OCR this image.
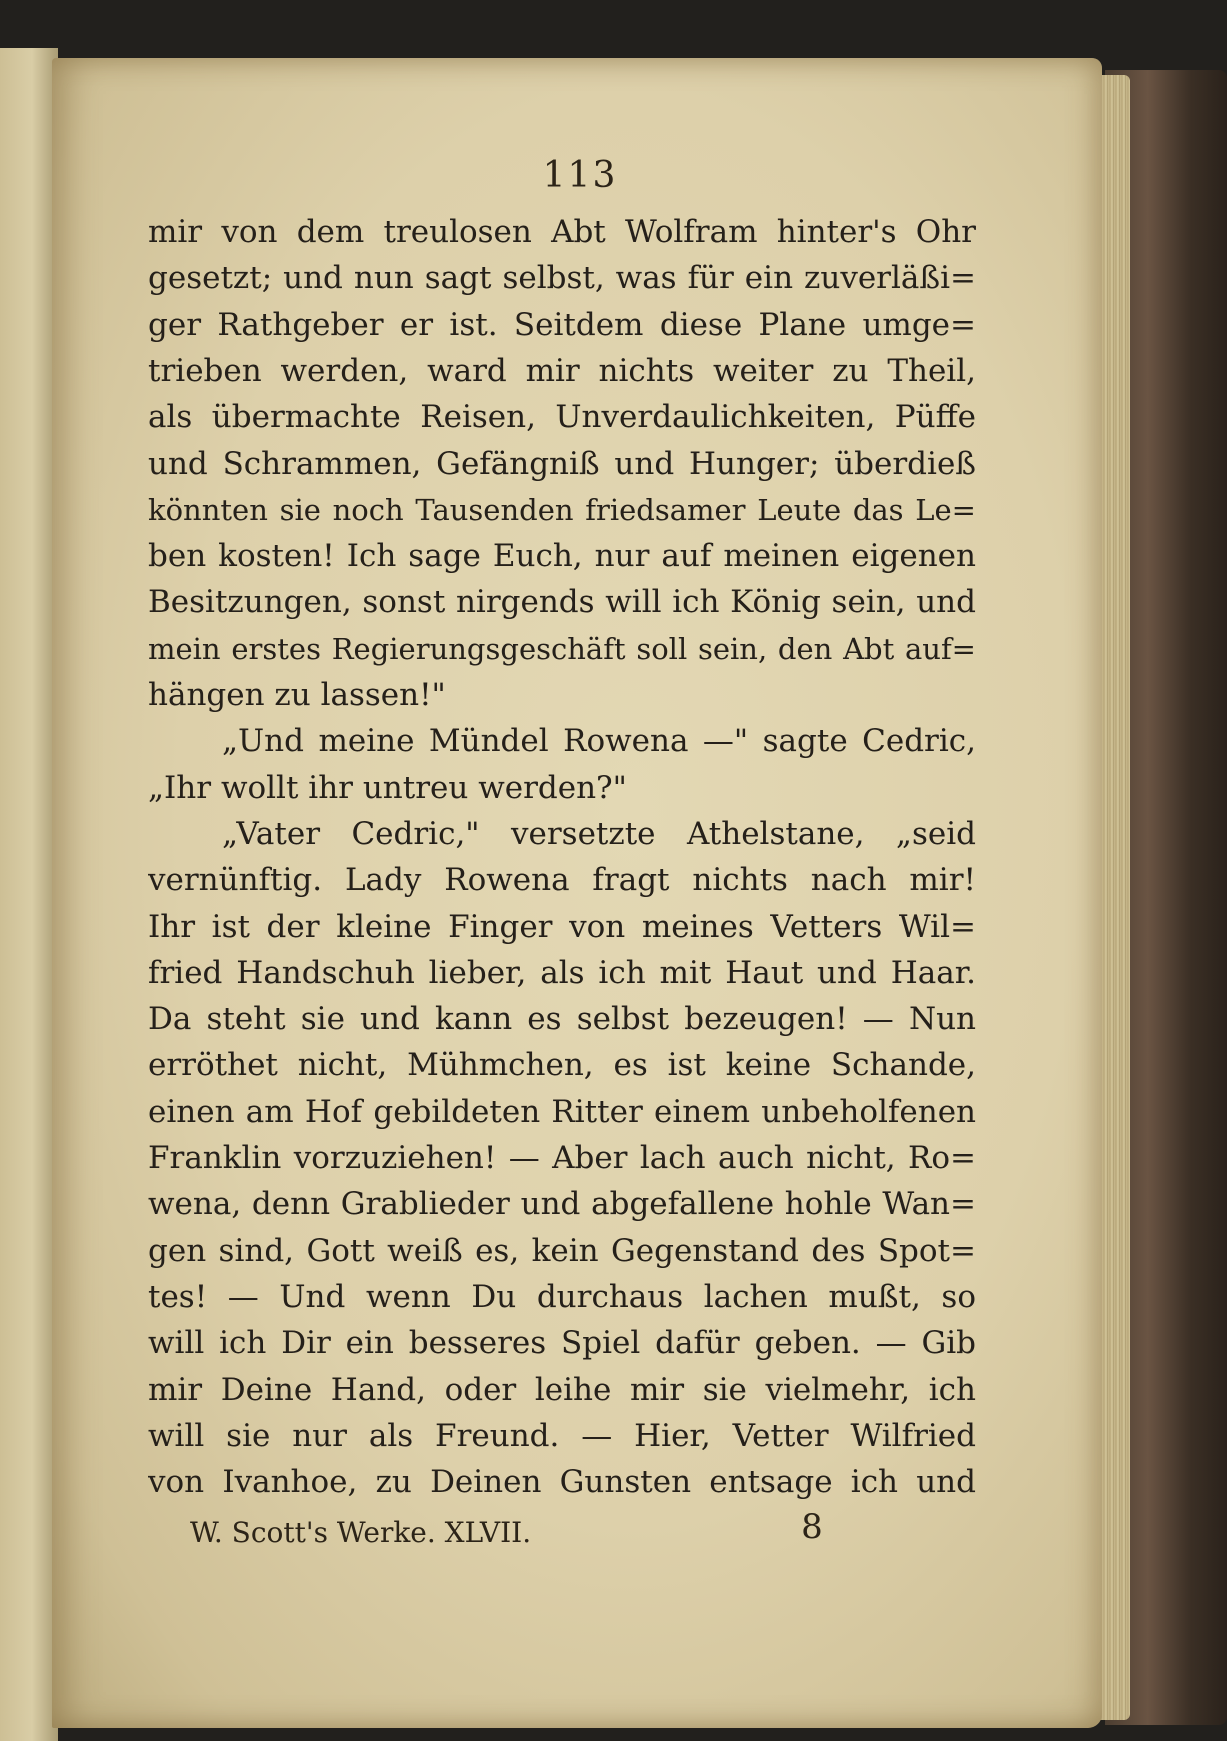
113
mir von dem treulosen Abt Wolfram hinter's Ohr
gesetzt; und nun sagt selbst, was für ein zuverläßi=
ger Rathgeber er ist. Seitdem diese Plane umge=
trieben werden, ward mir nichts weiter zu Theil,
als übermachte Reisen, Unverdaulichkeiten, Püffe
und Schrammen, Gefängniß und Hunger; überdieß
könnten sie noch Tausenden friedsamer Leute das Le=
ben kosten! Ich sage Euch, nur auf meinen eigenen
Besitzungen, sonst nirgends will ich König sein, und
mein erstes Regierungsgeschäft soll sein, den Abt auf=
hängen zu lassen!"
„Und meine Mündel Rowena —" sagte Cedric,
„Ihr wollt ihr untreu werden?"
„Vater Cedric," versetzte Athelstane, „seid
vernünftig. Lady Rowena fragt nichts nach mir!
Ihr ist der kleine Finger von meines Vetters Wil=
fried Handschuh lieber, als ich mit Haut und Haar.
Da steht sie und kann es selbst bezeugen! — Nun
erröthet nicht, Mühmchen, es ist keine Schande,
einen am Hof gebildeten Ritter einem unbeholfenen
Franklin vorzuziehen! — Aber lach auch nicht, Ro=
wena, denn Grablieder und abgefallene hohle Wan=
gen sind, Gott weiß es, kein Gegenstand des Spot=
tes! — Und wenn Du durchaus lachen mußt, so
will ich Dir ein besseres Spiel dafür geben. — Gib
mir Deine Hand, oder leihe mir sie vielmehr, ich
will sie nur als Freund. — Hier, Vetter Wilfried
von Ivanhoe, zu Deinen Gunsten entsage ich und
W. Scott's Werke. XLVII.	8
